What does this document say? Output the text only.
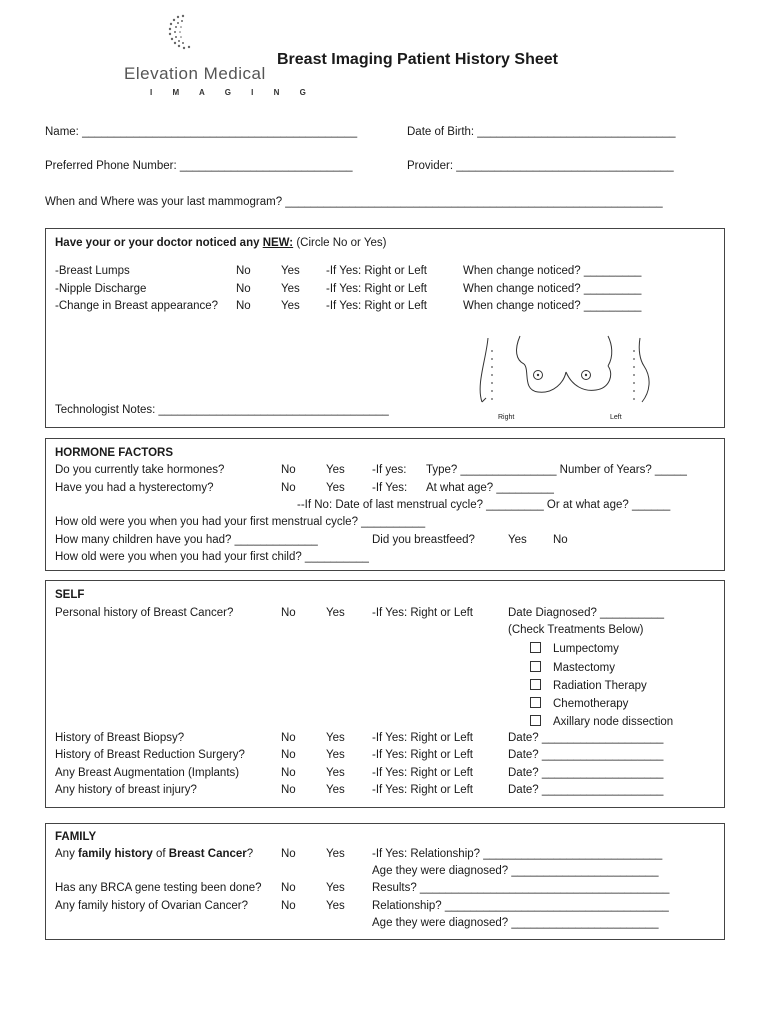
Elevation Medical
I M A G I N G
Breast Imaging Patient History Sheet
Name: ___________________________________________	Date of Birth: _______________________________
Preferred Phone Number: ___________________________	Provider: __________________________________
When and Where was your last mammogram? ___________________________________________________________
Have your or your doctor noticed any NEW: (Circle No or Yes)
-Breast Lumps	No	Yes -If Yes: Right or Left	When change noticed? _________
-Nipple Discharge	No	Yes -If Yes: Right or Left	When change noticed? _________
-Change in Breast appearance? No	Yes -If Yes: Right or Left	When change noticed? _________
Right	Left
Technologist Notes: ____________________________________
HORMONE FACTORS
Do you currently take hormones?	No	Yes -If yes: Type? _______________ Number of Years? _____
Have you had a hysterectomy?	No	Yes -If Yes: At what age? _________
--If No: Date of last menstrual cycle? _________ Or at what age? ______
How old were you when you had your first menstrual cycle? __________
How many children have you had? _____________	Did you breastfeed?	Yes No
How old were you when you had your first child? __________
SELF
Personal history of Breast Cancer?	No	Yes -If Yes: Right or Left	Date Diagnosed? __________
(Check Treatments Below)
Lumpectomy
Mastectomy
Radiation Therapy
Chemotherapy
Axillary node dissection
History of Breast Biopsy?	No	Yes -If Yes: Right or Left	Date? ___________________
History of Breast Reduction Surgery?	No	Yes -If Yes: Right or Left	Date? ___________________
Any Breast Augmentation (Implants)	No	Yes -If Yes: Right or Left	Date? ___________________
Any history of breast injury?	No	Yes -If Yes: Right or Left	Date? ___________________
FAMILY
Any family history of Breast Cancer? No	Yes -If Yes: Relationship? ____________________________
Age they were diagnosed? _______________________
Has any BRCA gene testing been done? No	Yes Results? _______________________________________
Any family history of Ovarian Cancer?	No	Yes Relationship? ___________________________________
Age they were diagnosed? _______________________
